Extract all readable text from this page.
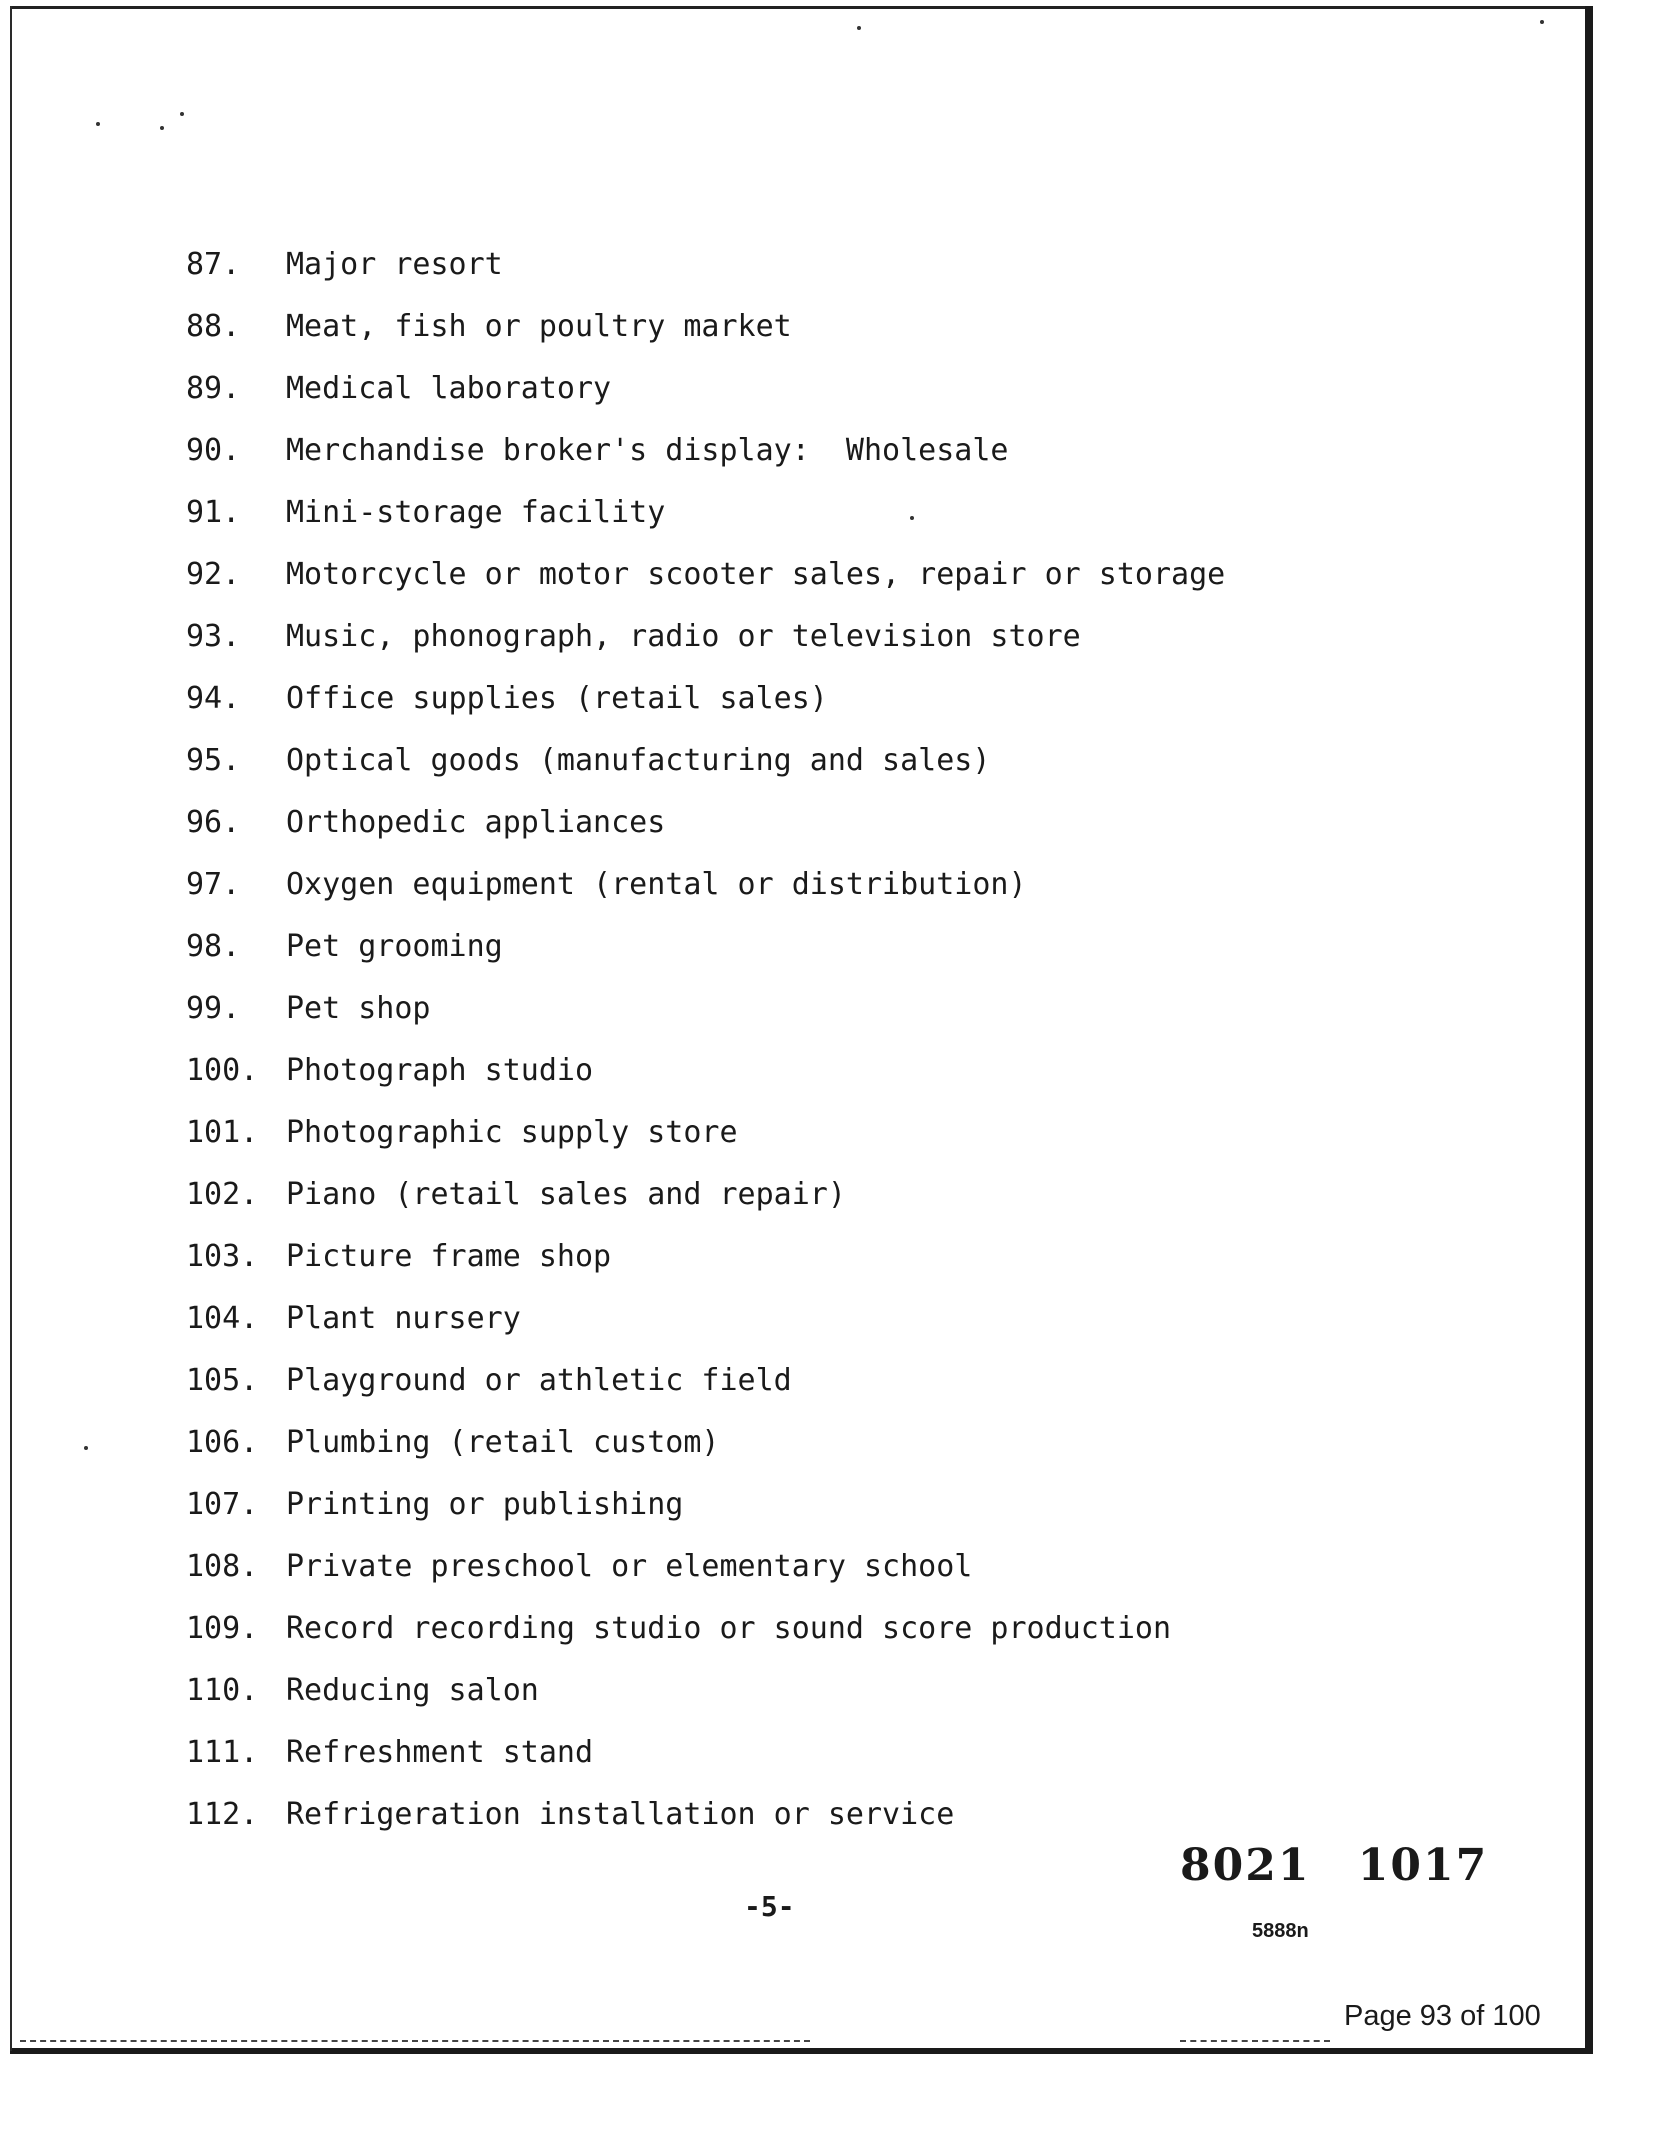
87.	Major resort
88.	Meat, fish or poultry market
89.	Medical laboratory
90.	Merchandise broker's display:  Wholesale
91.	Mini-storage facility
92.	Motorcycle or motor scooter sales, repair or storage
93.	Music, phonograph, radio or television store
94.	Office supplies (retail sales)
95.	Optical goods (manufacturing and sales)
96.	Orthopedic appliances
97.	Oxygen equipment (rental or distribution)
98.	Pet grooming
99.	Pet shop
100. Photograph studio
101. Photographic supply store
102. Piano (retail sales and repair)
103. Picture frame shop
104. Plant nursery
105. Playground or athletic field
106. Plumbing (retail custom)
107. Printing or publishing
108. Private preschool or elementary school
109. Record recording studio or sound score production
110. Reducing salon
111. Refreshment stand
112. Refrigeration installation or service
8021 1017
-5-
5888n
Page 93 of 100
